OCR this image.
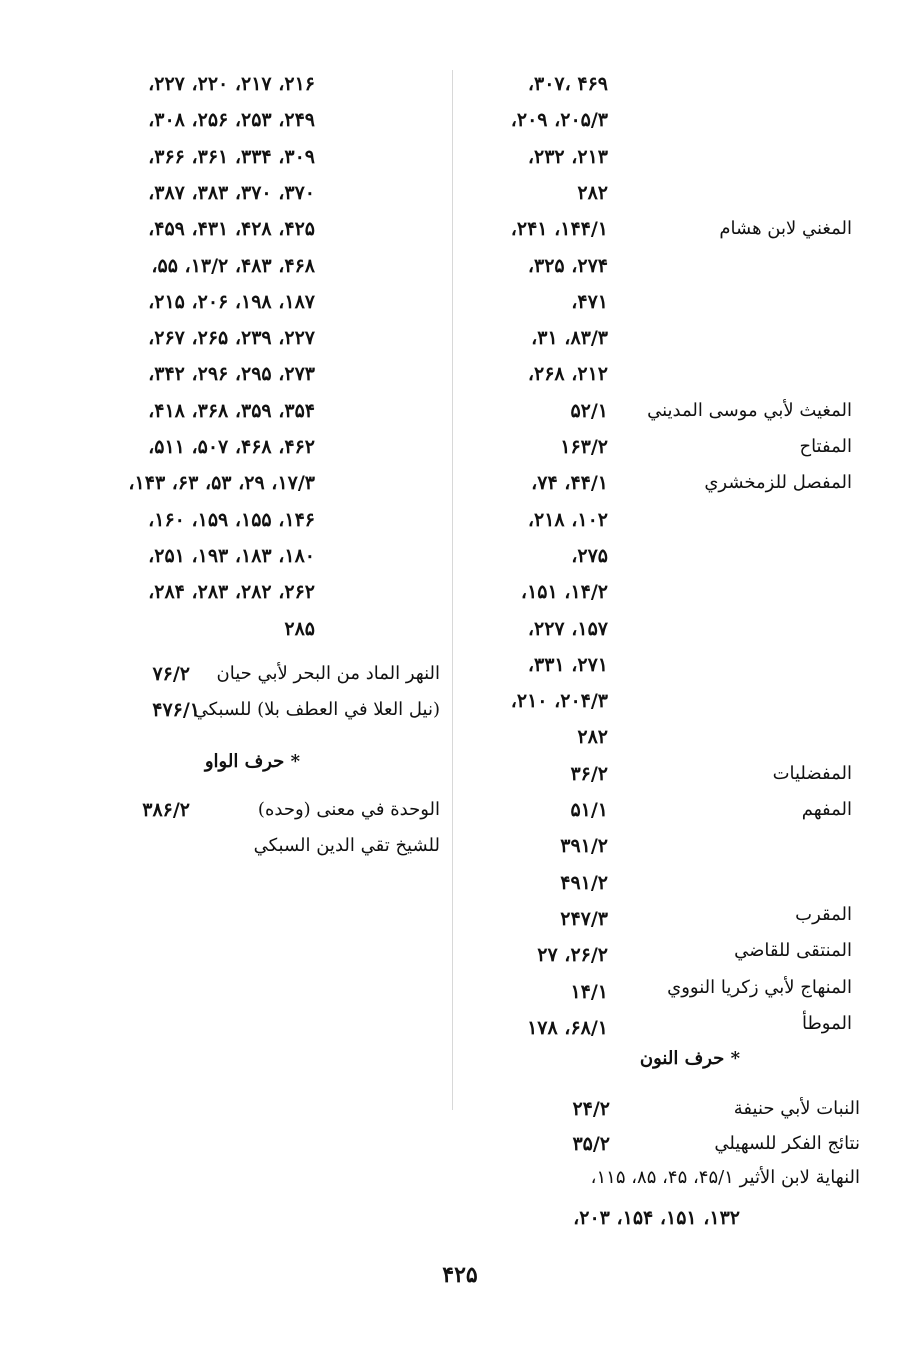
۴۶۹ ،۳۰۷،
۲۰۵/۳، ۲۰۹،
۲۱۳، ۲۳۲،
۲۸۲
۱۴۴/۱، ۲۴۱،
۲۷۴، ۳۲۵،
۴۷۱،
۸۳/۳، ۳۱،
۲۱۲، ۲۶۸،
۵۲/۱
۱۶۳/۲
۴۴/۱، ۷۴،
۱۰۲، ۲۱۸،
۲۷۵،
۱۴/۲، ۱۵۱،
۱۵۷، ۲۲۷،
۲۷۱، ۳۳۱،
۲۰۴/۳، ۲۱۰،
۲۸۲
۳۶/۲
۵۱/۱
۳۹۱/۲
۴۹۱/۲
۲۴۷/۳
۲۶/۲، ۲۷
۱۴/۱
۶۸/۱، ۱۷۸
المغني لابن هشام
المغيث لأبي موسى المديني
المفتاح
المفصل للزمخشري
المفضليات
المفهم
المقرب
المنتقى للقاضي
المنهاج لأبي زكريا النووي
الموطأ
۲۱۶، ۲۱۷، ۲۲۰، ۲۲۷،
۲۴۹، ۲۵۳، ۲۵۶، ۳۰۸،
۳۰۹، ۳۳۴، ۳۶۱، ۳۶۶،
۳۷۰، ۳۷۰، ۳۸۳، ۳۸۷،
۴۲۵، ۴۲۸، ۴۳۱، ۴۵۹،
۴۶۸، ۴۸۳، ۱۳/۲، ۵۵،
۱۸۷، ۱۹۸، ۲۰۶، ۲۱۵،
۲۲۷، ۲۳۹، ۲۶۵، ۲۶۷،
۲۷۳، ۲۹۵، ۲۹۶، ۳۴۲،
۳۵۴، ۳۵۹، ۳۶۸، ۴۱۸،
۴۶۲، ۴۶۸، ۵۰۷، ۵۱۱،
۱۷/۳، ۲۹، ۵۳، ۶۳، ۱۴۳،
۱۴۶، ۱۵۵، ۱۵۹، ۱۶۰،
۱۸۰، ۱۸۳، ۱۹۳، ۲۵۱،
۲۶۲، ۲۸۲، ۲۸۳، ۲۸۴،
۲۸۵
* حرف النون
النبات لأبي حنيفة
۲۴/۲
نتائج الفكر للسهيلي
۳۵/۲
النهاية لابن الأثير ۴۵/۱، ۴۵، ۸۵، ۱۱۵،
۱۳۲، ۱۵۱، ۱۵۴، ۲۰۳،
النهر الماد من البحر لأبي حيان
۷۶/۲
(نيل العلا في العطف بلا) للسبكي
۴۷۶/۱
* حرف الواو
الوحدة في معنى (وحده)
۳۸۶/۲
للشيخ تقي الدين السبكي
۴۲۵
